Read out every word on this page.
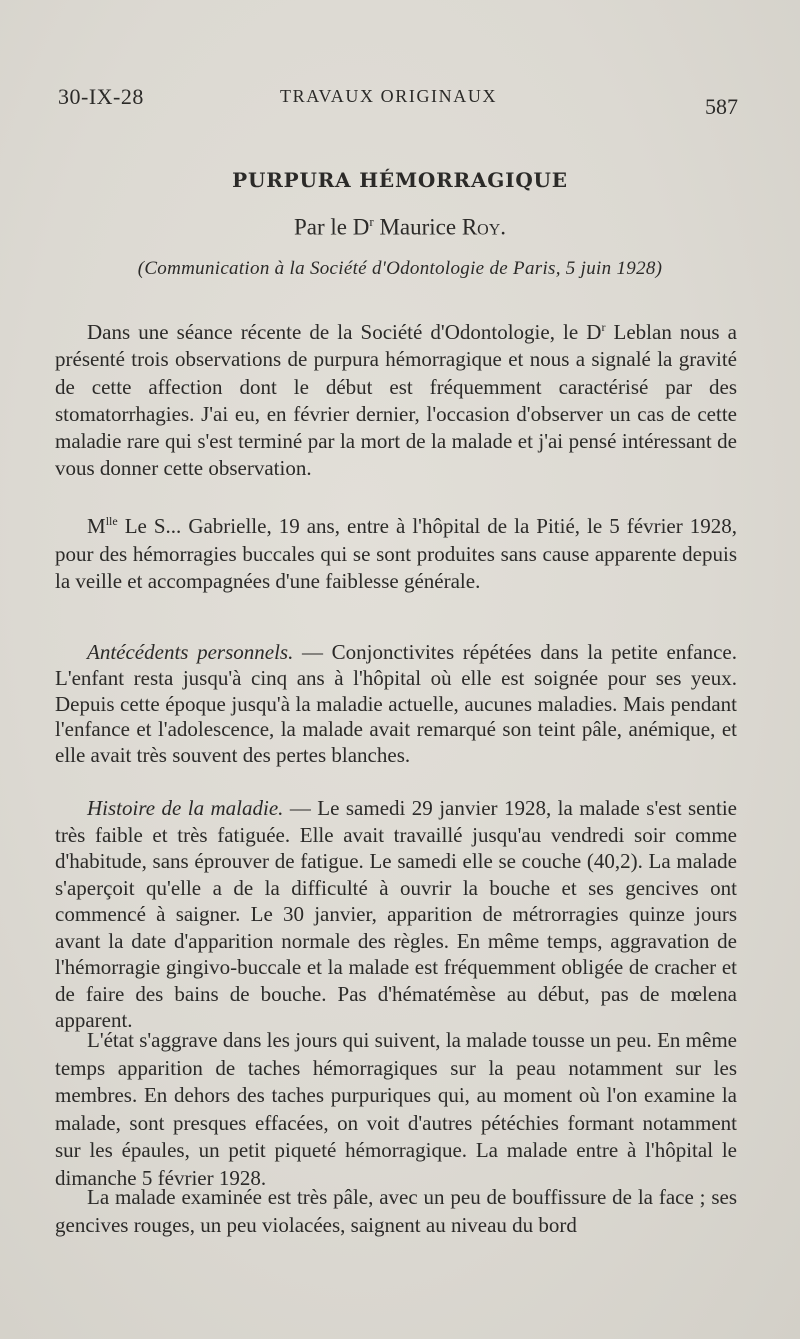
30-IX-28	TRAVAUX ORIGINAUX	587
PURPURA HÉMORRAGIQUE
Par le $D^r$ Maurice Roy.
(Communication à la Société d'Odontologie de Paris, 5 juin 1928)

Dans une séance récente de la Société d'Odontologie, le $D^r$ Leblan nous a présenté trois observations de purpura hémorragique et nous a signalé la gravité de cette affection dont le début est fréquemment caractérisé par des stomatorrhagies. J'ai eu, en février dernier, l'occasion d'observer un cas de cette maladie rare qui s'est terminé par la mort de la malade et j'ai pensé intéressant de vous donner cette observation.

$M^{lle}$ Le S... Gabrielle, 19 ans, entre à l'hôpital de la Pitié, le 5 février 1928, pour des hémorragies buccales qui se sont produites sans cause apparente depuis la veille et accompagnées d'une faiblesse générale.

Antécédents personnels. — Conjonctivites répétées dans la petite enfance. L'enfant resta jusqu'à cinq ans à l'hôpital où elle est soignée pour ses yeux. Depuis cette époque jusqu'à la maladie actuelle, aucunes maladies. Mais pendant l'enfance et l'adolescence, la malade avait remarqué son teint pâle, anémique, et elle avait très souvent des pertes blanches.

Histoire de la maladie. — Le samedi 29 janvier 1928, la malade s'est sentie très faible et très fatiguée. Elle avait travaillé jusqu'au vendredi soir comme d'habitude, sans éprouver de fatigue. Le samedi elle se couche (40,2). La malade s'aperçoit qu'elle a de la difficulté à ouvrir la bouche et ses gencives ont commencé à saigner. Le 30 janvier, apparition de métrorragies quinze jours avant la date d'apparition normale des règles. En même temps, aggravation de l'hémorragie gingivo-buccale et la malade est fréquemment obligée de cracher et de faire des bains de bouche. Pas d'hématémèse au début, pas de mœlena apparent.

L'état s'aggrave dans les jours qui suivent, la malade tousse un peu. En même temps apparition de taches hémorragiques sur la peau notamment sur les membres. En dehors des taches purpuriques qui, au moment où l'on examine la malade, sont presques effacées, on voit d'autres pétéchies formant notamment sur les épaules, un petit piqueté hémorragique. La malade entre à l'hôpital le dimanche 5 février 1928.

La malade examinée est très pâle, avec un peu de bouffissure de la face ; ses gencives rouges, un peu violacées, saignent au niveau du bord
